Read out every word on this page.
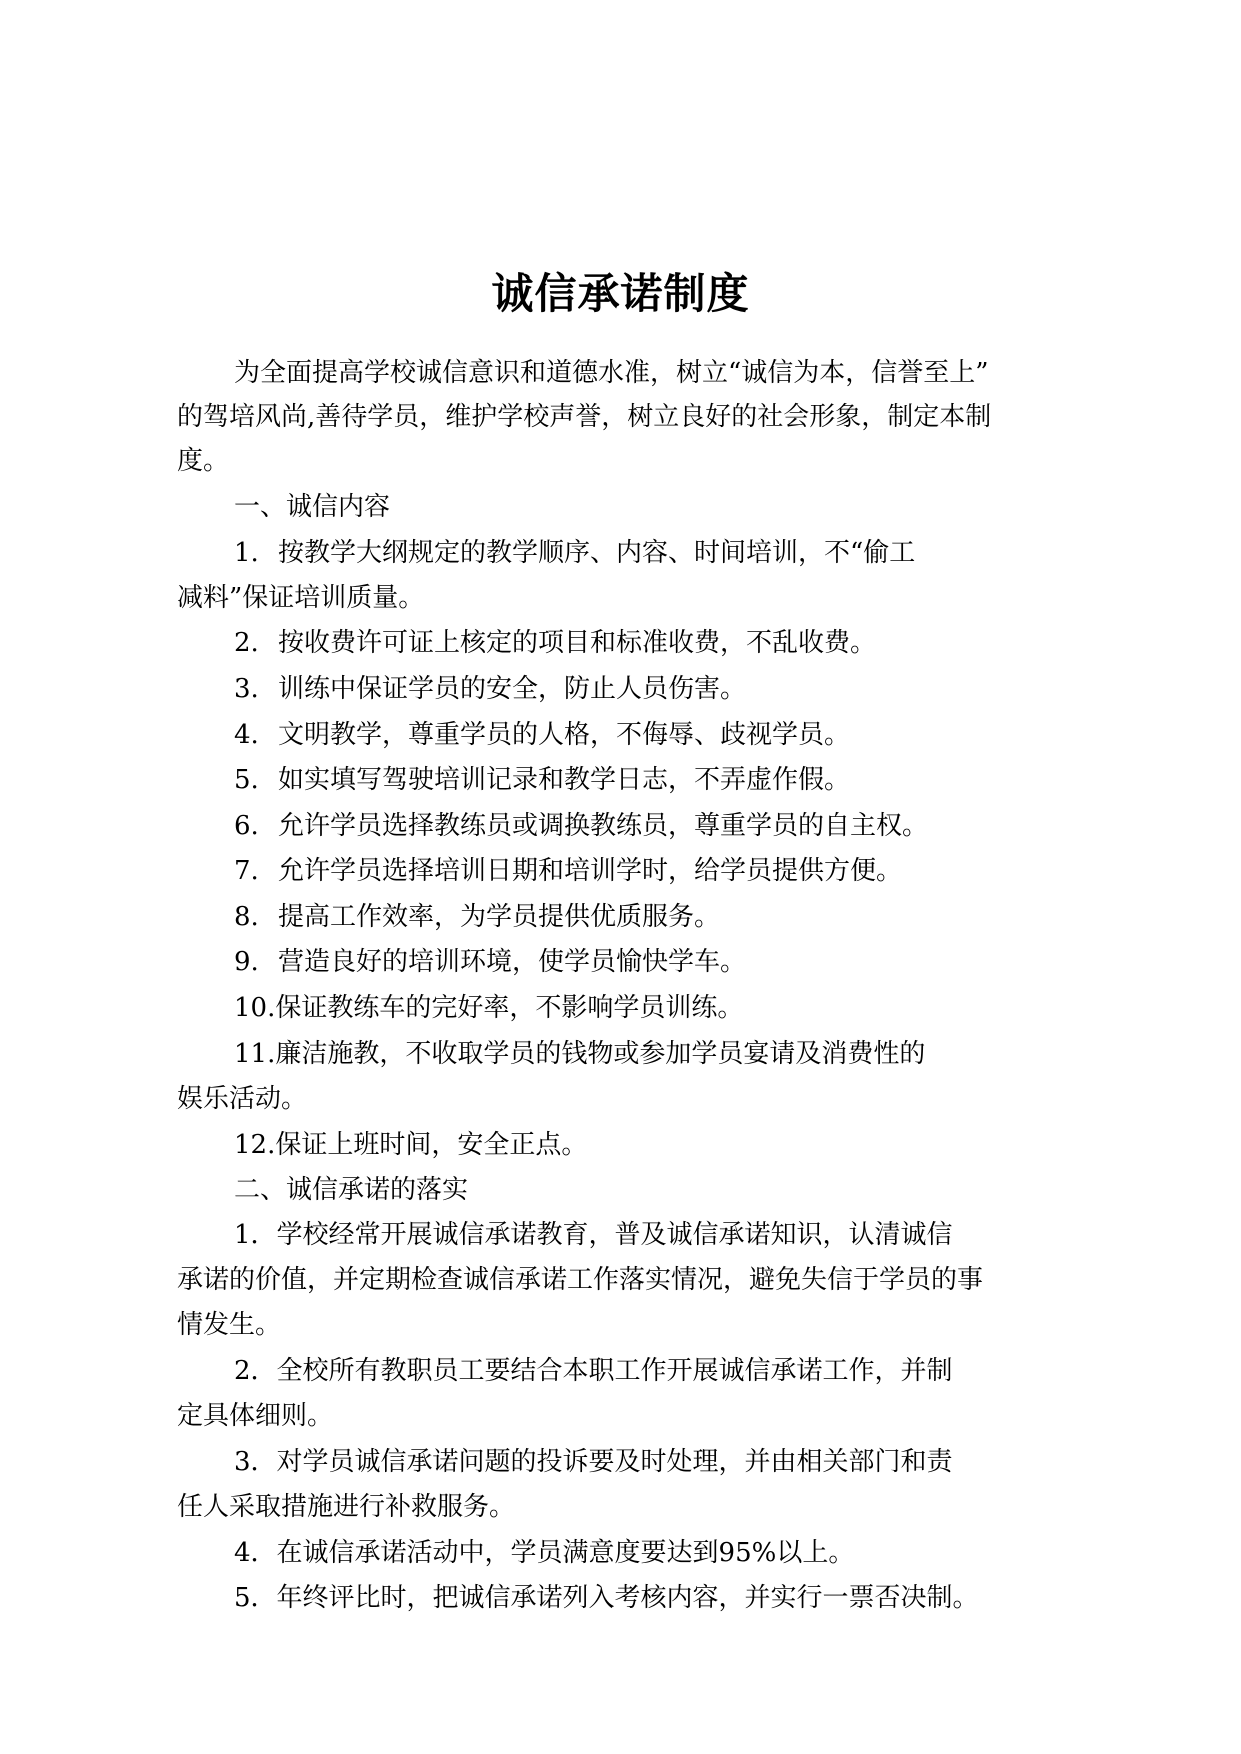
诚信承诺制度

为全面提高学校诚信意识和道德水准，树立“诚信为本，信誉至上”

的驾培风尚,善待学员，维护学校声誉，树立良好的社会形象，制定本制

度。

一、诚信内容

1. 按教学大纲规定的教学顺序、内容、时间培训，不“偷工

减料”保证培训质量。

2. 按收费许可证上核定的项目和标准收费，不乱收费。

3. 训练中保证学员的安全，防止人员伤害。

4. 文明教学，尊重学员的人格，不侮辱、歧视学员。

5. 如实填写驾驶培训记录和教学日志，不弄虚作假。

6. 允许学员选择教练员或调换教练员，尊重学员的自主权。

7. 允许学员选择培训日期和培训学时，给学员提供方便。

8. 提高工作效率，为学员提供优质服务。

9. 营造良好的培训环境，使学员愉快学车。

10.保证教练车的完好率，不影响学员训练。

11.廉洁施教，不收取学员的钱物或参加学员宴请及消费性的

娱乐活动。

12.保证上班时间，安全正点。

二、诚信承诺的落实

1．学校经常开展诚信承诺教育，普及诚信承诺知识，认清诚信

承诺的价值，并定期检查诚信承诺工作落实情况，避免失信于学员的事

情发生。

2．全校所有教职员工要结合本职工作开展诚信承诺工作，并制

定具体细则。

3．对学员诚信承诺问题的投诉要及时处理，并由相关部门和责

任人采取措施进行补救服务。

4．在诚信承诺活动中，学员满意度要达到95%以上。

5．年终评比时，把诚信承诺列入考核内容，并实行一票否决制。
